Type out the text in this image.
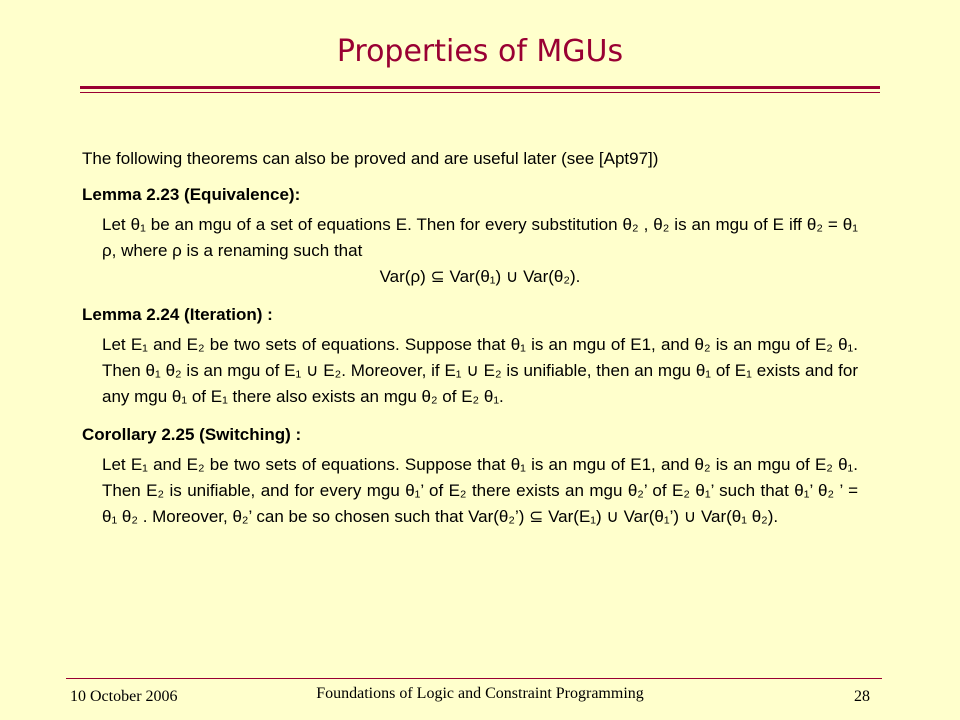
Properties of MGUs

The following theorems can also be proved and are useful later (see [Apt97])

Lemma 2.23 (Equivalence):

Let θ₁ be an mgu of a set of equations E. Then for every substitution θ₂ , θ₂ is an mgu of E iff θ₂ = θ₁ ρ, where ρ is a renaming such that
Var(ρ) ⊆ Var(θ₁) ∪ Var(θ₂).

Lemma 2.24 (Iteration) :

Let E₁ and E₂ be two sets of equations. Suppose that θ₁ is an mgu of E1, and θ₂ is an mgu of E₂ θ₁. Then θ₁ θ₂ is an mgu of E₁ ∪ E₂. Moreover, if E₁ ∪ E₂ is unifiable, then an mgu θ₁ of E₁ exists and for any mgu θ₁ of E₁ there also exists an mgu θ₂ of E₂ θ₁.

Corollary 2.25 (Switching) :

Let E₁ and E₂ be two sets of equations. Suppose that θ₁ is an mgu of E1, and θ₂ is an mgu of E₂ θ₁. Then E₂ is unifiable, and for every mgu θ₁’ of E₂ there exists an mgu θ₂’ of E₂ θ₁’ such that θ₁’ θ₂ ’ = θ₁ θ₂ . Moreover, θ₂’ can be so chosen such that Var(θ₂’) ⊆ Var(E₁) ∪ Var(θ₁’) ∪ Var(θ₁ θ₂).
10 October 2006	Foundations of Logic and Constraint Programming	28
